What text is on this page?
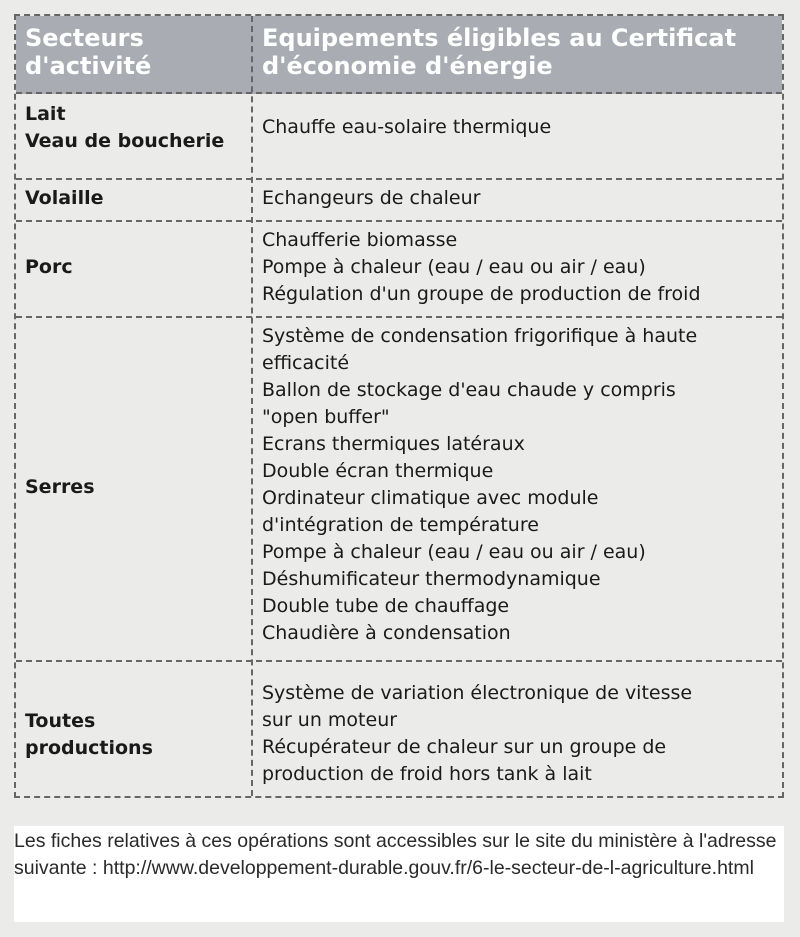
Secteurs
d'activité
Equipements éligibles au Certificat
d'économie d'énergie
Lait
Veau de boucherie
Chauffe eau-solaire thermique
Volaille	Echangeurs de chaleur
Porc
Chaufferie biomasse
Pompe à chaleur (eau / eau ou air / eau)
Régulation d'un groupe de production de froid
Serres
Système de condensation frigorifique à haute
efficacité
Ballon de stockage d'eau chaude y compris
"open buffer"
Ecrans thermiques latéraux
Double écran thermique
Ordinateur climatique avec module
d'intégration de température
Pompe à chaleur (eau / eau ou air / eau)
Déshumificateur thermodynamique
Double tube de chauffage
Chaudière à condensation
Toutes
productions
Système de variation électronique de vitesse
sur un moteur
Récupérateur de chaleur sur un groupe de
production de froid hors tank à lait
Les fiches relatives à ces opérations sont accessibles sur le site du ministère à l'adresse suivante : http://www.developpement-durable.gouv.fr/6-le-secteur-de-l-agriculture.html
